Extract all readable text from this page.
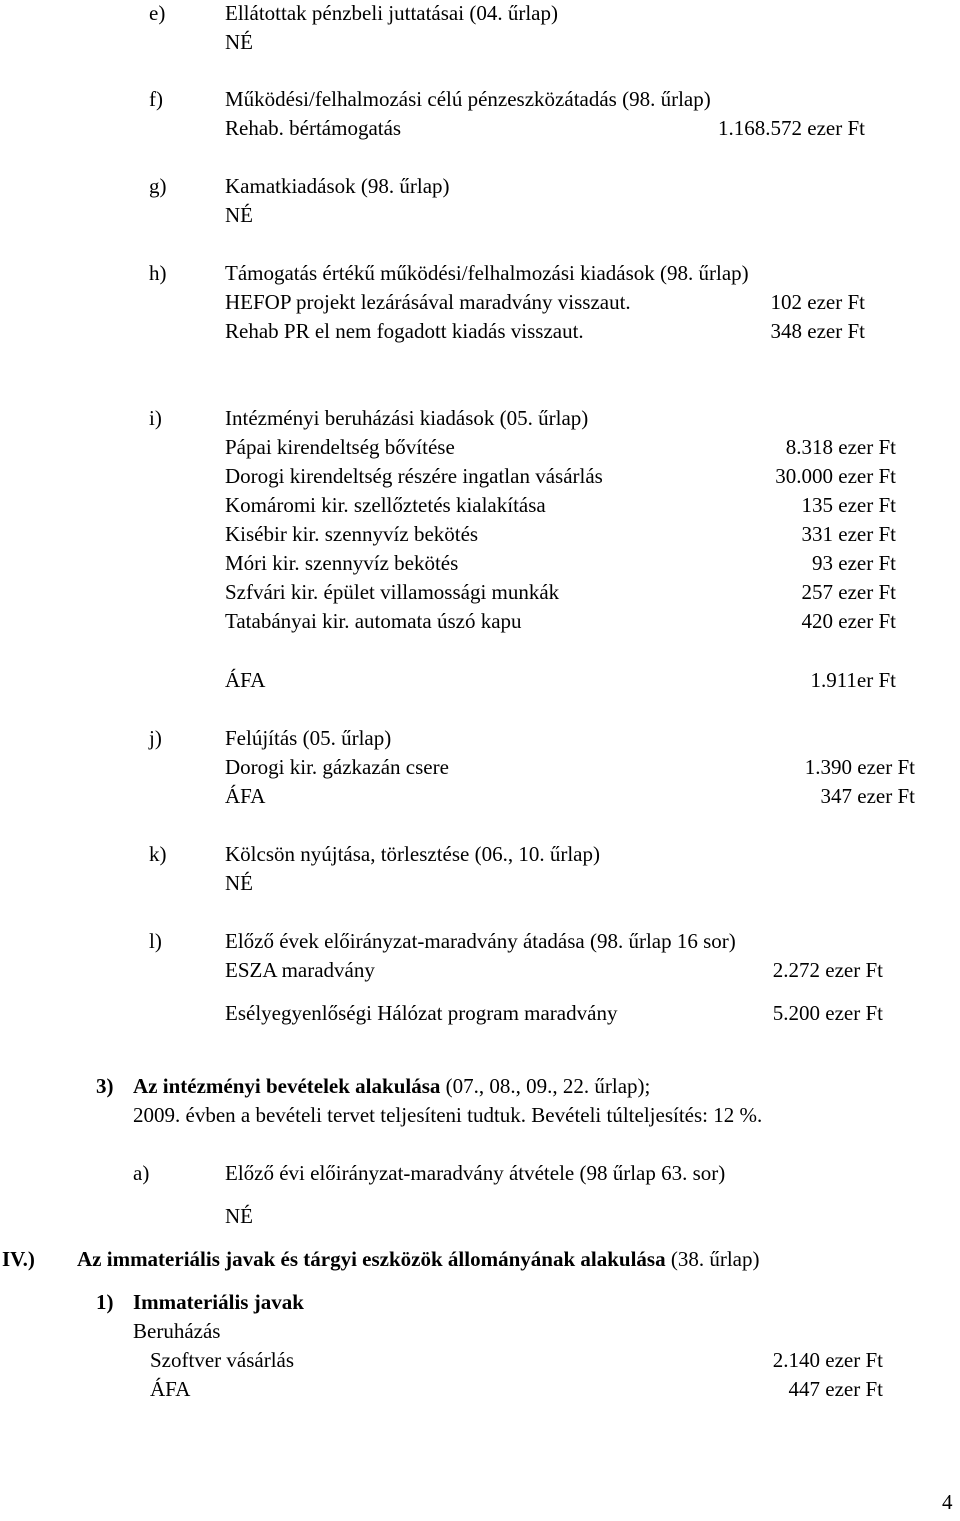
e)	Ellátottak pénzbeli juttatásai (04. űrlap)
NÉ
f)	Működési/felhalmozási célú pénzeszközátadás (98. űrlap)
Rehab. bértámogatás	1.168.572 ezer Ft
g)	Kamatkiadások (98. űrlap)
NÉ
h)	Támogatás értékű működési/felhalmozási kiadások (98. űrlap)
HEFOP projekt lezárásával maradvány visszaut.	102 ezer Ft
Rehab PR el nem fogadott kiadás visszaut.	348 ezer Ft
i)	Intézményi beruházási kiadások (05. űrlap)
Pápai kirendeltség bővítése	8.318 ezer Ft
Dorogi kirendeltség részére ingatlan vásárlás	30.000 ezer Ft
Komáromi kir. szellőztetés kialakítása	135 ezer Ft
Kisébir kir. szennyvíz bekötés	331 ezer Ft
Móri kir. szennyvíz bekötés	93 ezer Ft
Szfvári kir. épület villamossági munkák	257 ezer Ft
Tatabányai kir. automata úszó kapu	420 ezer Ft
ÁFA	1.911er Ft
j)	Felújítás (05. űrlap)
Dorogi kir. gázkazán csere	1.390 ezer Ft
ÁFA	347 ezer Ft
k)	Kölcsön nyújtása, törlesztése (06., 10. űrlap)
NÉ
l)	Előző évek előirányzat-maradvány átadása (98. űrlap 16 sor)
ESZA maradvány	2.272 ezer Ft
Esélyegyenlőségi Hálózat program maradvány	5.200 ezer Ft
3) Az intézményi bevételek alakulása (07., 08., 09., 22. űrlap);
2009. évben a bevételi tervet teljesíteni tudtuk. Bevételi túlteljesítés: 12 %.
a)	Előző évi előirányzat-maradvány átvétele (98 űrlap 63. sor)
NÉ
IV.) Az immateriális javak és tárgyi eszközök állományának alakulása (38. űrlap)
1) Immateriális javak
Beruházás
Szoftver vásárlás	2.140 ezer Ft
ÁFA	447 ezer Ft
4
